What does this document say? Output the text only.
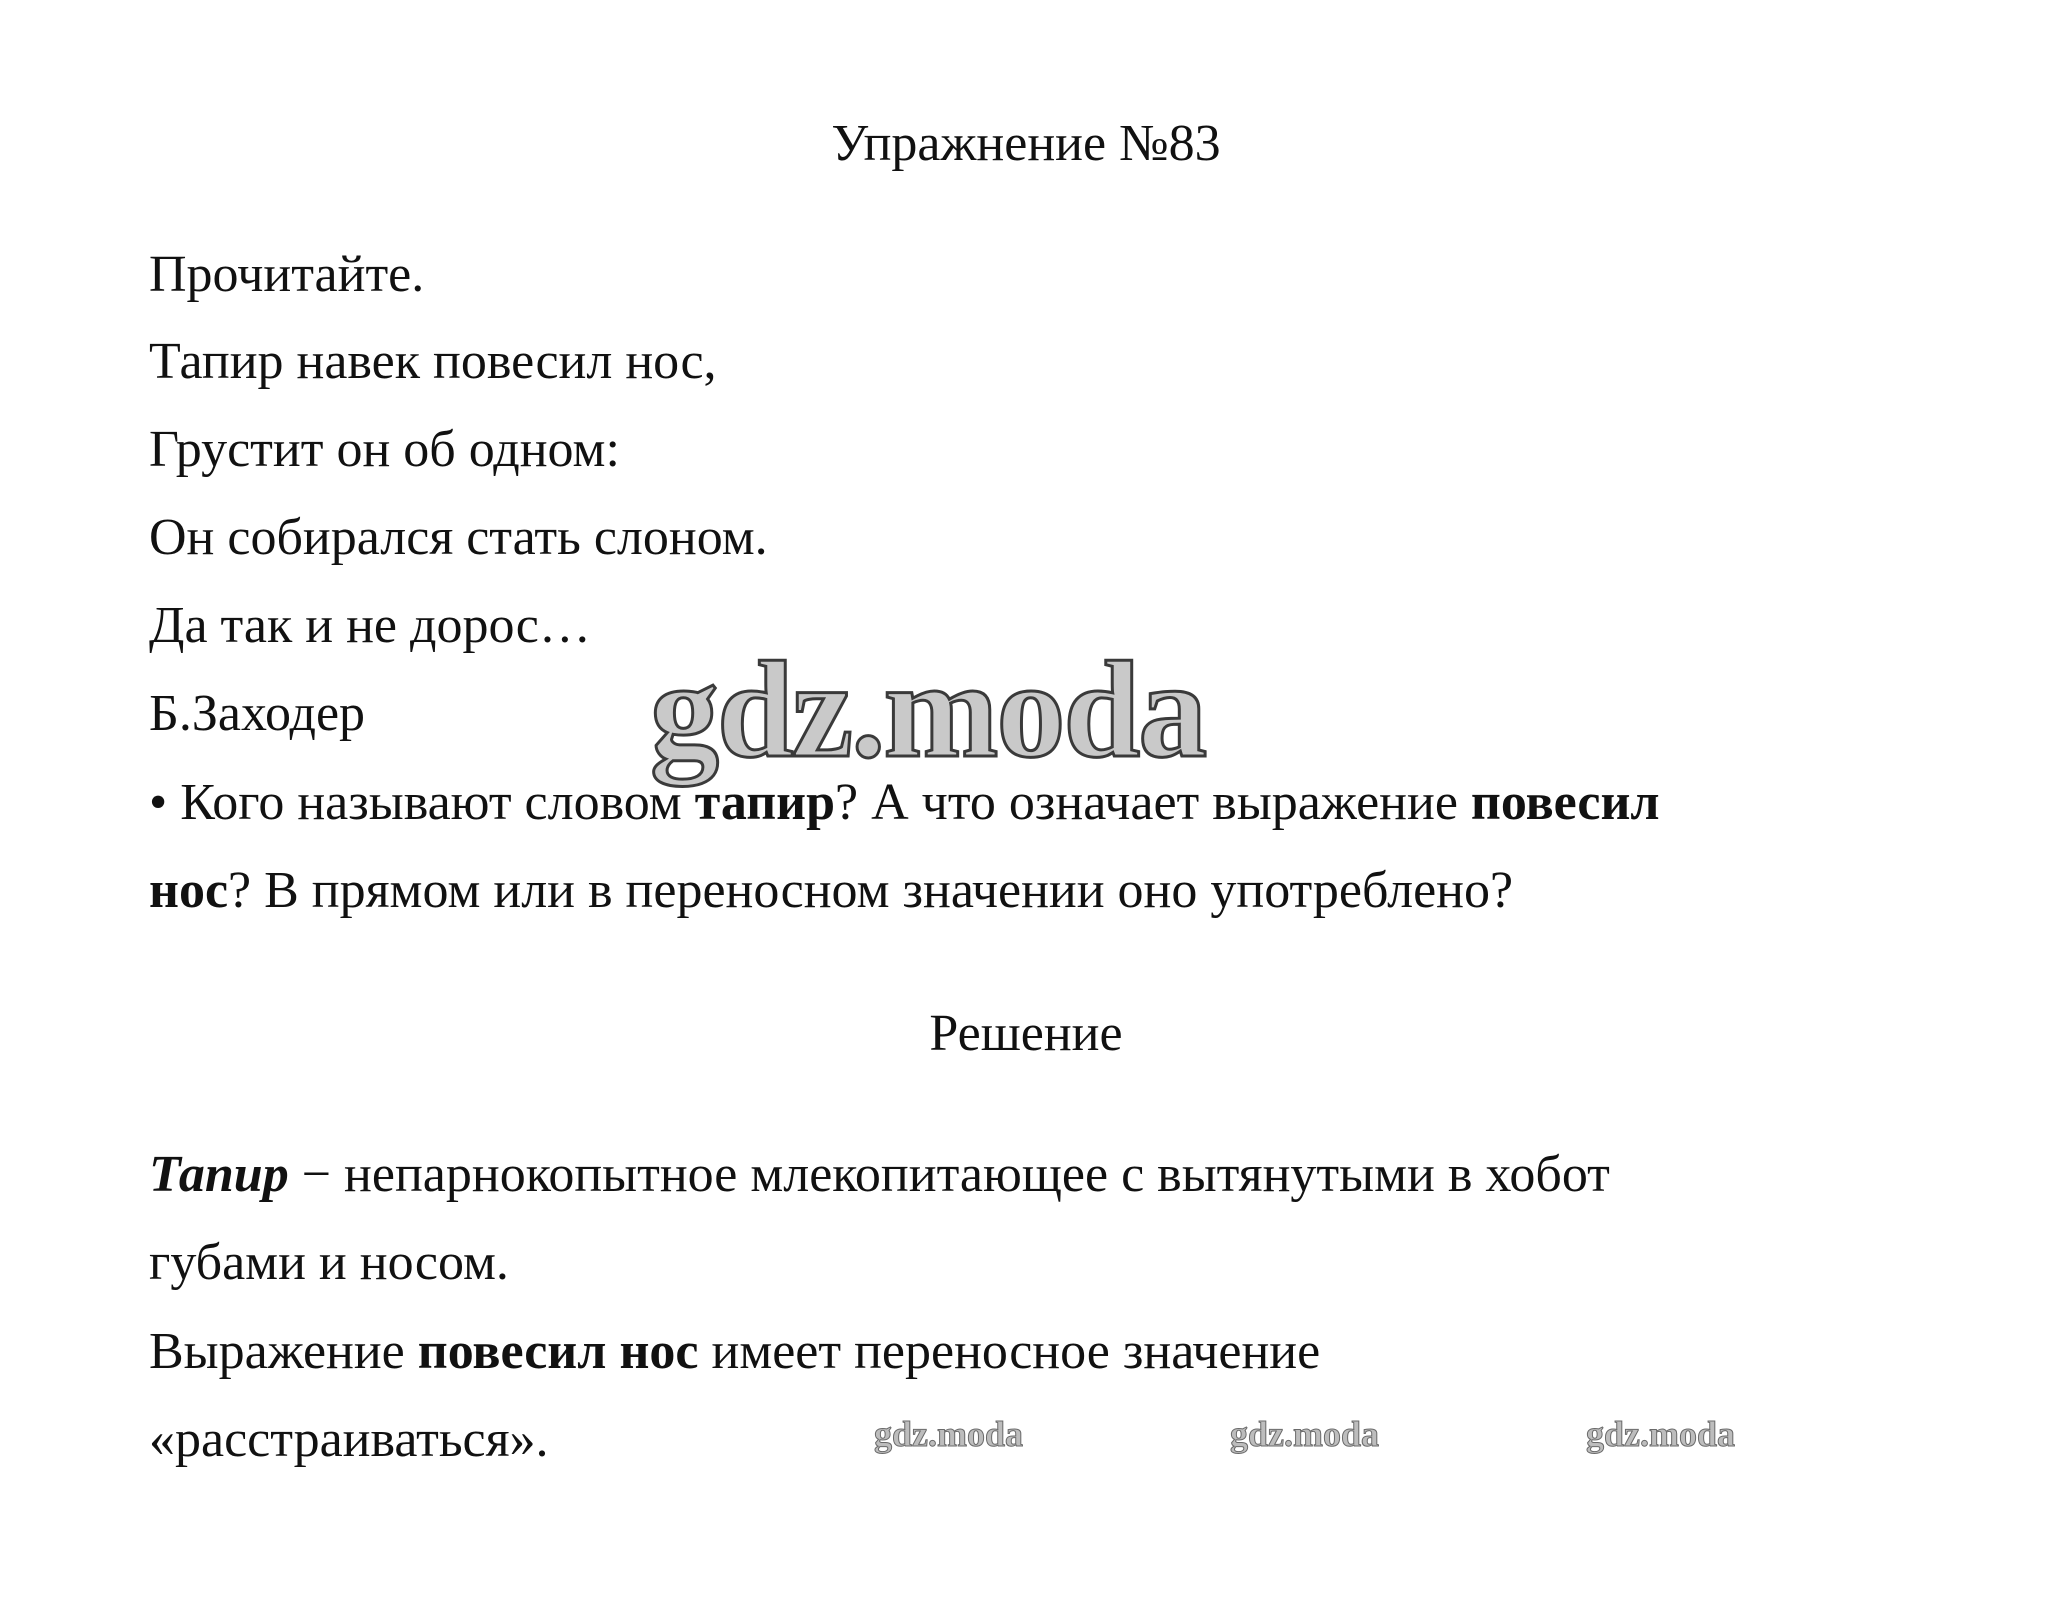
Упражнение №83
Прочитайте.
Тапир навек повесил нос,
Грустит он об одном:
Он собирался стать слоном.
Да так и не дорос…
Б.Заходер
• Кого называют словом тапир? А что означает выражение повесил
нос? В прямом или в переносном значении оно употреблено?
Решение
Тапир − непарнокопытное млекопитающее с вытянутыми в хобот
губами и носом.
Выражение повесил нос имеет переносное значение
«расстраиваться».
gdz.moda
gdz.moda	gdz.moda	gdz.moda
